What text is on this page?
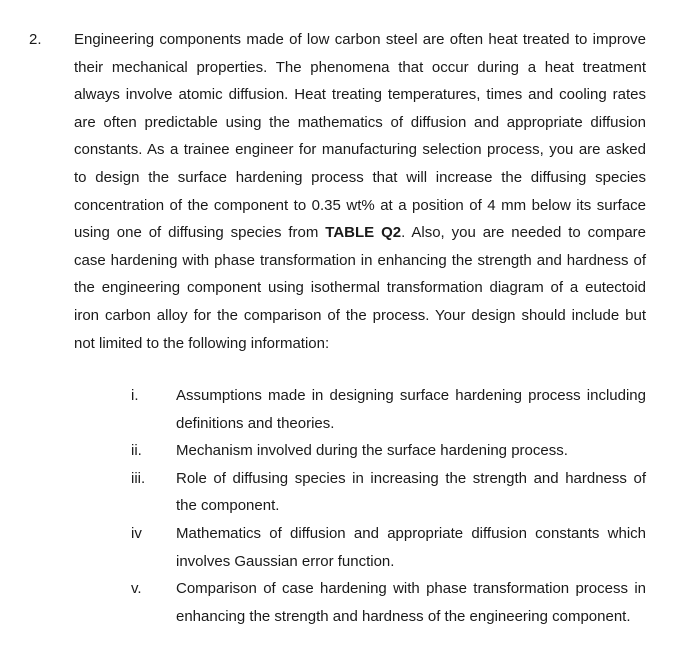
2. Engineering components made of low carbon steel are often heat treated to improve their mechanical properties. The phenomena that occur during a heat treatment always involve atomic diffusion. Heat treating temperatures, times and cooling rates are often predictable using the mathematics of diffusion and appropriate diffusion constants. As a trainee engineer for manufacturing selection process, you are asked to design the surface hardening process that will increase the diffusing species concentration of the component to 0.35 wt% at a position of 4 mm below its surface using one of diffusing species from TABLE Q2. Also, you are needed to compare case hardening with phase transformation in enhancing the strength and hardness of the engineering component using isothermal transformation diagram of a eutectoid iron carbon alloy for the comparison of the process. Your design should include but not limited to the following information:

i.	Assumptions made in designing surface hardening process including definitions and theories.
ii. Mechanism involved during the surface hardening process.
iii. Role of diffusing species in increasing the strength and hardness of the component.
iv Mathematics of diffusion and appropriate diffusion constants which involves Gaussian error function.
v. Comparison of case hardening with phase transformation process in enhancing the strength and hardness of the engineering component.
